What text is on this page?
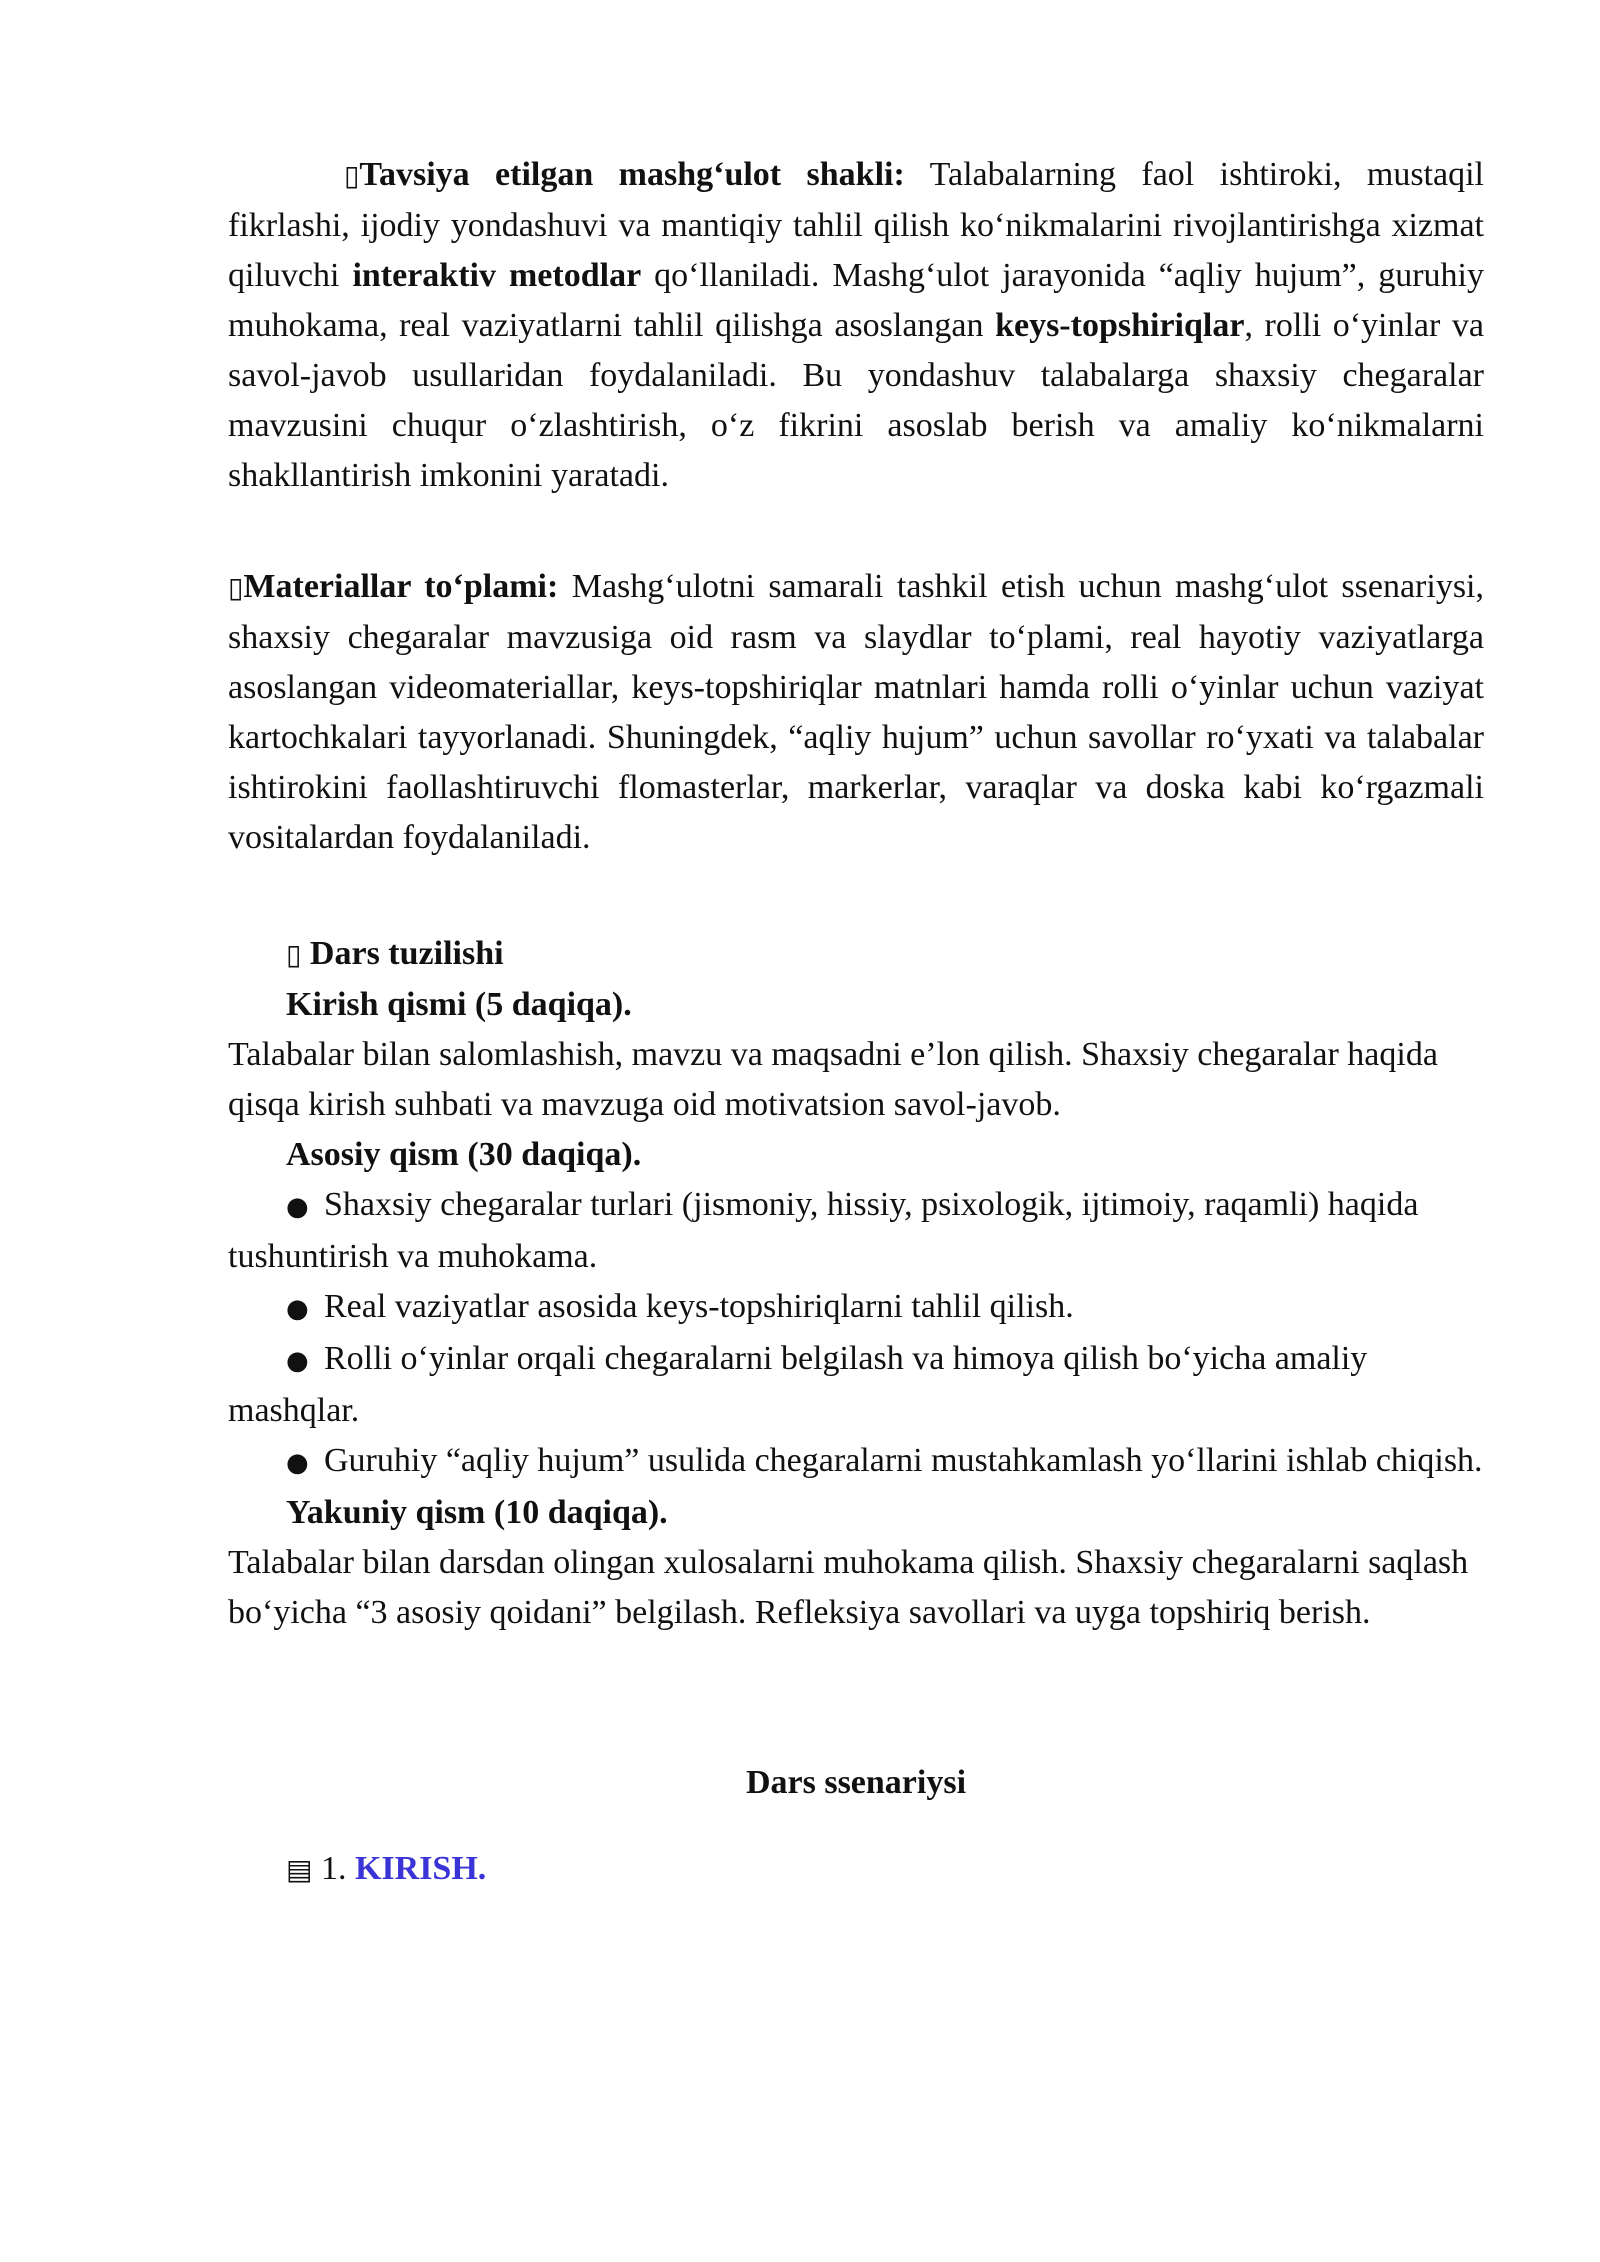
▯Tavsiya etilgan mashg‘ulot shakli: Talabalarning faol ishtiroki, mustaqil fikrlashi, ijodiy yondashuvi va mantiqiy tahlil qilish ko‘nikmalarini rivojlantirishga xizmat qiluvchi interaktiv metodlar qo‘llaniladi. Mashg‘ulot jarayonida “aqliy hujum”, guruhiy muhokama, real vaziyatlarni tahlil qilishga asoslangan keys-topshiriqlar, rolli o‘yinlar va savol-javob usullaridan foydalaniladi. Bu yondashuv talabalarga shaxsiy chegaralar mavzusini chuqur o‘zlashtirish, o‘z fikrini asoslab berish va amaliy ko‘nikmalarni shakllantirish imkonini yaratadi.

▯Materiallar to‘plami: Mashg‘ulotni samarali tashkil etish uchun mashg‘ulot ssenariysi, shaxsiy chegaralar mavzusiga oid rasm va slaydlar to‘plami, real hayotiy vaziyatlarga asoslangan videomateriallar, keys-topshiriqlar matnlari hamda rolli o‘yinlar uchun vaziyat kartochkalari tayyorlanadi. Shuningdek, “aqliy hujum” uchun savollar ro‘yxati va talabalar ishtirokini faollashtiruvchi flomasterlar, markerlar, varaqlar va doska kabi ko‘rgazmali vositalardan foydalaniladi.

▯ Dars tuzilishi

Kirish qismi (5 daqiqa).

Talabalar bilan salomlashish, mavzu va maqsadni e’lon qilish. Shaxsiy chegaralar haqida qisqa kirish suhbati va mavzuga oid motivatsion savol-javob.

Asosiy qism (30 daqiqa).

● Shaxsiy chegaralar turlari (jismoniy, hissiy, psixologik, ijtimoiy, raqamli) haqida tushuntirish va muhokama.

● Real vaziyatlar asosida keys-topshiriqlarni tahlil qilish.

● Rolli o‘yinlar orqali chegaralarni belgilash va himoya qilish bo‘yicha amaliy mashqlar.

● Guruhiy “aqliy hujum” usulida chegaralarni mustahkamlash yo‘llarini ishlab chiqish.

Yakuniy qism (10 daqiqa).

Talabalar bilan darsdan olingan xulosalarni muhokama qilish. Shaxsiy chegaralarni saqlash bo‘yicha “3 asosiy qoidani” belgilash. Refleksiya savollari va uyga topshiriq berish.

Dars ssenariysi

▤ 1. KIRISH.
